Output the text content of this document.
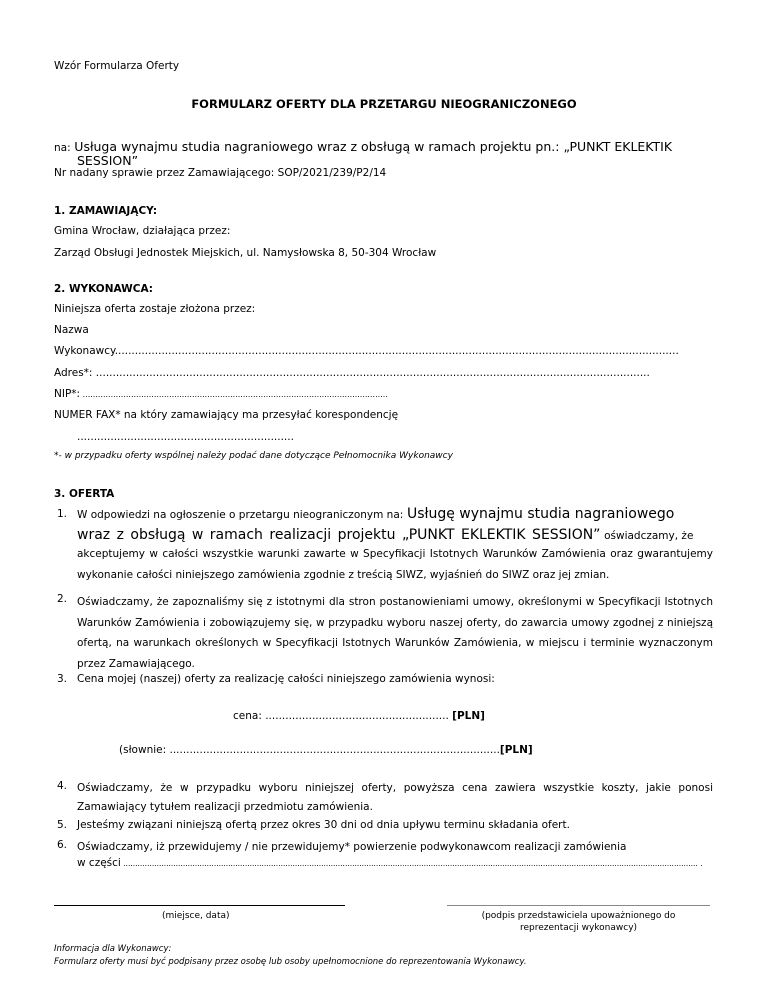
Wzór Formularza Oferty
FORMULARZ OFERTY DLA PRZETARGU NIEOGRANICZONEGO
na: Usługa wynajmu studia nagraniowego wraz z obsługą w ramach projektu pn.: „PUNKT EKLEKTIK
SESSION”
Nr nadany sprawie przez Zamawiającego: SOP/2021/239/P2/14
1. ZAMAWIAJĄCY:
Gmina Wrocław, działająca przez:
Zarząd Obsługi Jednostek Miejskich, ul. Namysłowska 8, 50-304 Wrocław
2. WYKONAWCA:
Niniejsza oferta zostaje złożona przez:
Nazwa
Wykonawcy.........................................................................................................................................................................
Adres*: ......................................................................................................................................................................
NIP*: ........................................................................................................................
NUMER FAX* na który zamawiający ma przesyłać korespondencję
.................................................................
*- w przypadku oferty wspólnej należy podać dane dotyczące Pełnomocnika Wykonawcy
3. OFERTA
1. W odpowiedzi na ogłoszenie o przetargu nieograniczonym na: Usługę wynajmu studia nagraniowego
wraz z obsługą w ramach realizacji projektu „PUNKT EKLEKTIK SESSION” oświadczamy, że
akceptujemy w całości wszystkie warunki zawarte w Specyfikacji Istotnych Warunków Zamówienia oraz gwarantujemy wykonanie całości niniejszego zamówienia zgodnie z treścią SIWZ, wyjaśnień do SIWZ oraz jej zmian.
2. Oświadczamy, że zapoznaliśmy się z istotnymi dla stron postanowieniami umowy, określonymi w Specyfikacji Istotnych Warunków Zamówienia i zobowiązujemy się, w przypadku wyboru naszej oferty, do zawarcia umowy zgodnej z niniejszą ofertą, na warunkach określonych w Specyfikacji Istotnych Warunków Zamówienia, w miejscu i terminie wyznaczonym przez Zamawiającego.
3. Cena mojej (naszej) oferty za realizację całości niniejszego zamówienia wynosi:
cena: ....................................................... [PLN]
(słownie: ...................................................................................................[PLN]
4. Oświadczamy, że w przypadku wyboru niniejszej oferty, powyższa cena zawiera wszystkie koszty, jakie ponosi Zamawiający tytułem realizacji przedmiotu zamówienia.
5. Jesteśmy związani niniejszą ofertą przez okres 30 dni od dnia upływu terminu składania ofert.
6. Oświadczamy, iż przewidujemy / nie przewidujemy* powierzenie podwykonawcom realizacji zamówienia
w części ................................................................................................................................................................................................................................................. .
(miejsce, data)	(podpis przedstawiciela upoważnionego do
reprezentacji wykonawcy)
Informacja dla Wykonawcy:
Formularz oferty musi być podpisany przez osobę lub osoby upełnomocnione do reprezentowania Wykonawcy.
